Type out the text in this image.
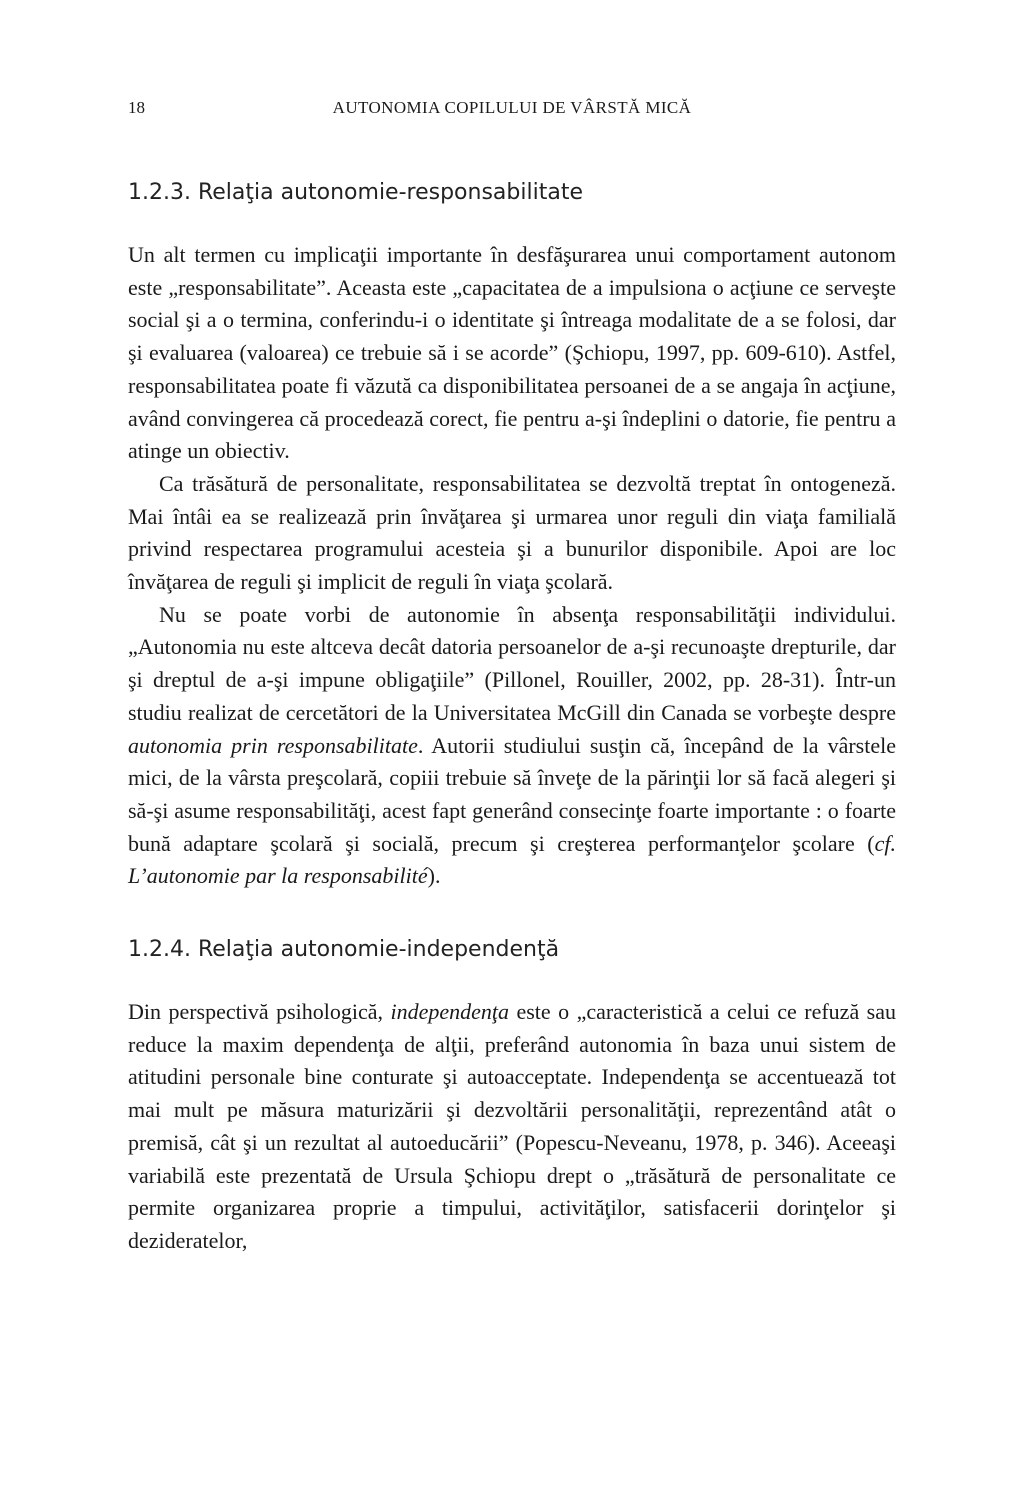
18	AUTONOMIA COPILULUI DE VÂRSTĂ MICĂ
1.2.3. Relaţia autonomie-responsabilitate

Un alt termen cu implicaţii importante în desfăşurarea unui comportament autonom este „responsabilitate”. Aceasta este „capacitatea de a impulsiona o acţiune ce serveşte social şi a o termina, conferindu-i o identitate şi întreaga modalitate de a se folosi, dar şi evaluarea (valoarea) ce trebuie să i se acorde” (Şchiopu, 1997, pp. 609-610). Astfel, responsabilitatea poate fi văzută ca disponibilitatea persoanei de a se angaja în acţiune, având convingerea că procedează corect, fie pentru a-şi îndeplini o datorie, fie pentru a atinge un obiectiv.

Ca trăsătură de personalitate, responsabilitatea se dezvoltă treptat în ontogeneză. Mai întâi ea se realizează prin învăţarea şi urmarea unor reguli din viaţa familială privind respectarea programului acesteia şi a bunurilor disponibile. Apoi are loc învăţarea de reguli şi implicit de reguli în viaţa şcolară.

Nu se poate vorbi de autonomie în absenţa responsabilităţii individului. „Autonomia nu este altceva decât datoria persoanelor de a-şi recunoaşte drepturile, dar şi dreptul de a-şi impune obligaţiile” (Pillonel, Rouiller, 2002, pp. 28-31). Într-un studiu realizat de cercetători de la Universitatea McGill din Canada se vorbeşte despre autonomia prin responsabilitate. Autorii studiului susţin că, începând de la vârstele mici, de la vârsta preşcolară, copiii trebuie să înveţe de la părinţii lor să facă alegeri şi să-şi asume responsabilităţi, acest fapt generând consecinţe foarte importante : o foarte bună adaptare şcolară şi socială, precum şi creşterea performanţelor şcolare (cf. L’autonomie par la responsabilité).

1.2.4. Relaţia autonomie-independenţă

Din perspectivă psihologică, independenţa este o „caracteristică a celui ce refuză sau reduce la maxim dependenţa de alţii, preferând autonomia în baza unui sistem de atitudini personale bine conturate şi autoacceptate. Independenţa se accentuează tot mai mult pe măsura maturizării şi dezvoltării personalităţii, reprezentând atât o premisă, cât şi un rezultat al autoeducării” (Popescu-Neveanu, 1978, p. 346). Aceeaşi variabilă este prezentată de Ursula Şchiopu drept o „trăsătură de personalitate ce permite organizarea proprie a timpului, activităţilor, satisfacerii dorinţelor şi dezideratelor,
